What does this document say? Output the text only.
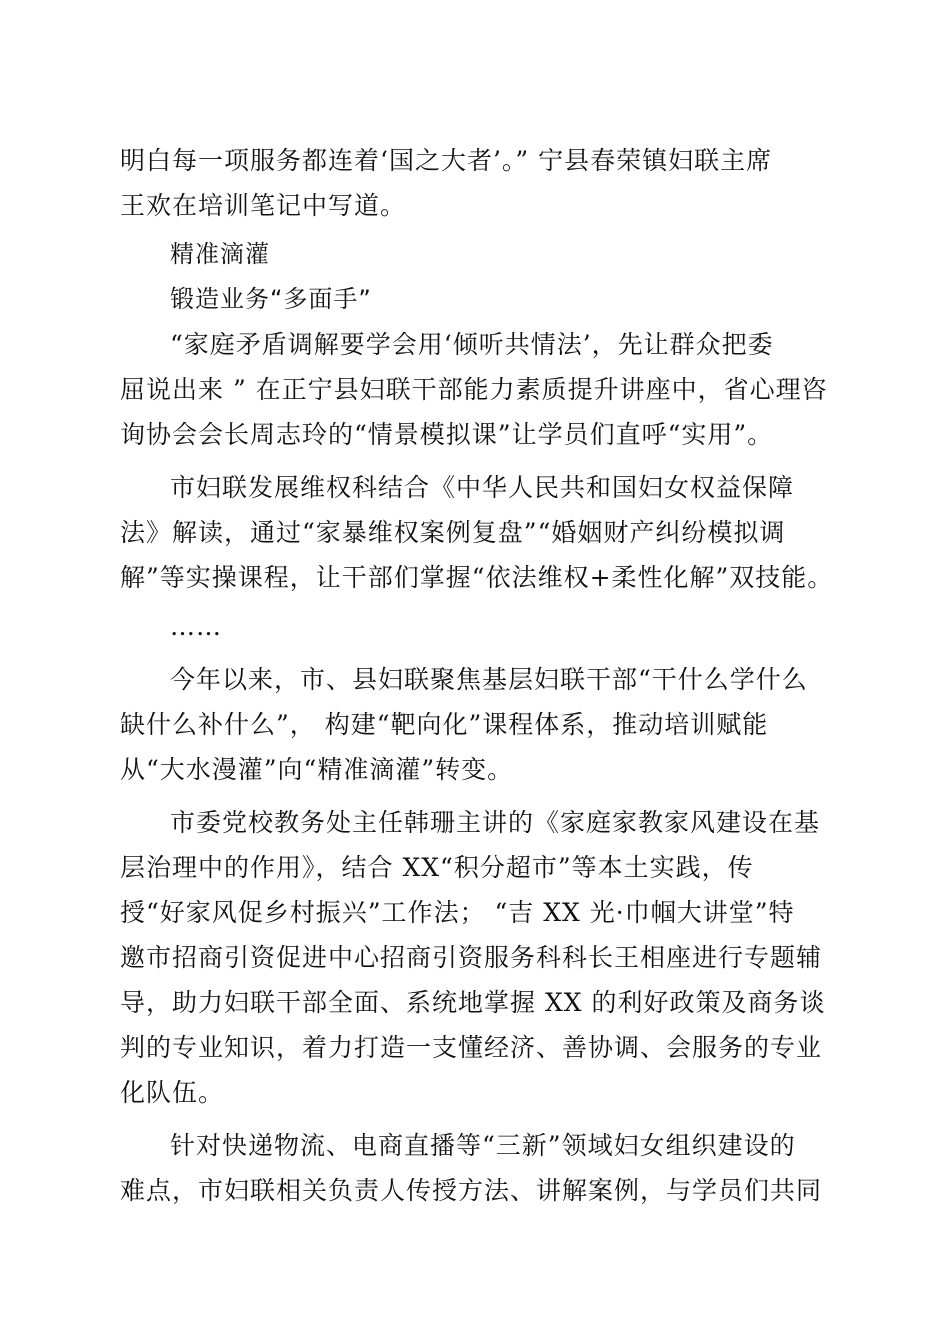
明白每一项服务都连着‘国之大者’。” 宁县春荣镇妇联主席
王欢在培训笔记中写道。
精准滴灌
锻造业务“多面手”
“家庭矛盾调解要学会用‘倾听共情法’，先让群众把委
屈说出来 ” 在正宁县妇联干部能力素质提升讲座中，省心理咨
询协会会长周志玲的“情景模拟课”让学员们直呼“实用”。
市妇联发展维权科结合《中华人民共和国妇女权益保障
法》解读，通过“家暴维权案例复盘”“婚姻财产纠纷模拟调
解”等实操课程，让干部们掌握“依法维权+柔性化解”双技能。
……
今年以来，市、县妇联聚焦基层妇联干部“干什么学什么
缺什么补什么”， 构建“靶向化”课程体系，推动培训赋能
从“大水漫灌”向“精准滴灌”转变。
市委党校教务处主任韩珊主讲的《家庭家教家风建设在基
层治理中的作用》，结合 XX“积分超市”等本土实践，传
授“好家风促乡村振兴”工作法； “吉 XX 光·巾帼大讲堂”特
邀市招商引资促进中心招商引资服务科科长王相座进行专题辅
导，助力妇联干部全面、系统地掌握 XX 的利好政策及商务谈
判的专业知识，着力打造一支懂经济、善协调、会服务的专业
化队伍。
针对快递物流、电商直播等“三新”领域妇女组织建设的
难点，市妇联相关负责人传授方法、讲解案例，与学员们共同
